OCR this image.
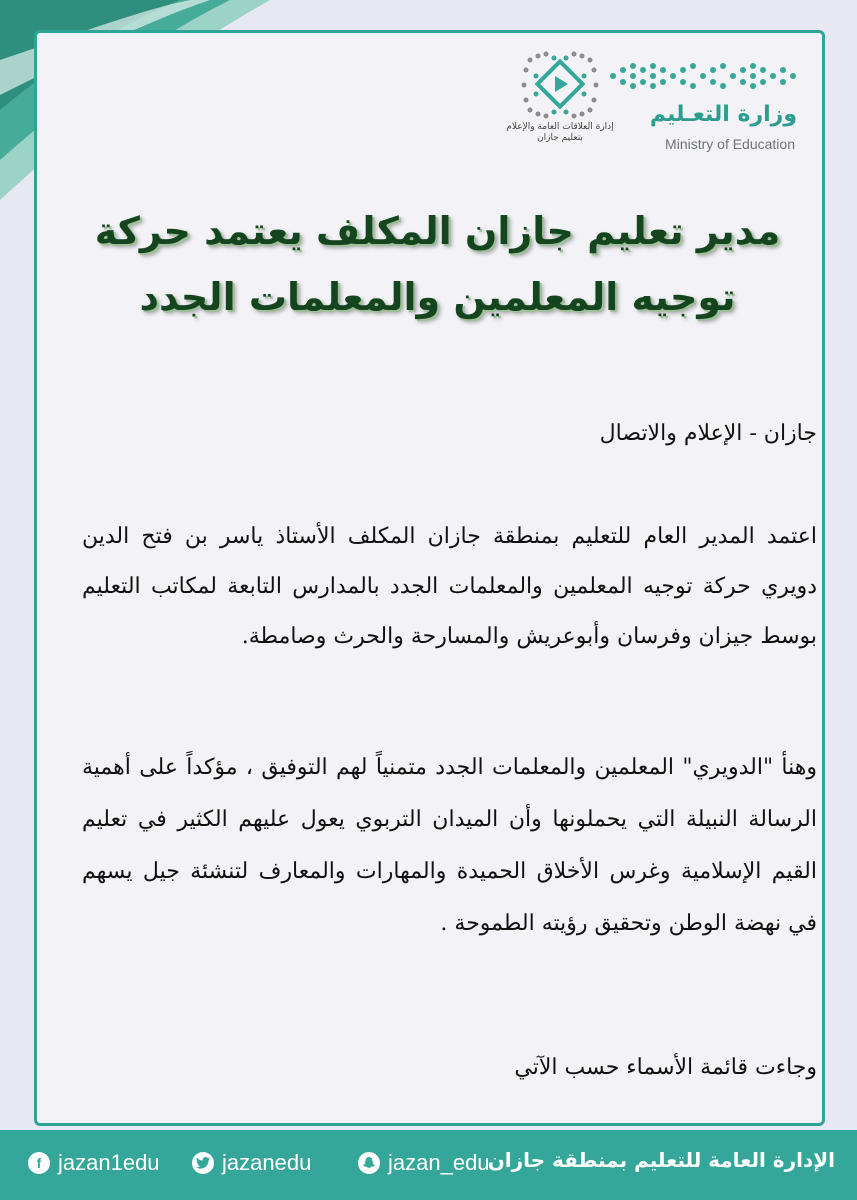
وزارة التعـليم
Ministry of Education
إدارة العلاقات العامة والإعلام
بتعليم جازان
مدير تعليم جازان المكلف يعتمد حركة
توجيه المعلمين والمعلمات الجدد
جازان - الإعلام والاتصال
اعتمد المدير العام للتعليم بمنطقة جازان المكلف الأستاذ ياسر بن فتح الدين دويري حركة توجيه المعلمين والمعلمات الجدد بالمدارس التابعة لمكاتب التعليم بوسط جيزان وفرسان وأبوعريش والمسارحة والحرث وصامطة.
وهنأ "الدويري" المعلمين والمعلمات الجدد متمنياً لهم التوفيق ، مؤكداً على أهمية الرسالة النبيلة التي يحملونها وأن الميدان التربوي يعول عليهم الكثير في تعليم القيم الإسلامية وغرس الأخلاق الحميدة والمهارات والمعارف لتنشئة جيل يسهم في نهضة الوطن وتحقيق رؤيته الطموحة .
وجاءت قائمة الأسماء حسب الآتي
f jazan1edu	jazanedu	jazan_edu
الإدارة العامة للتعليم بمنطقة جازان
